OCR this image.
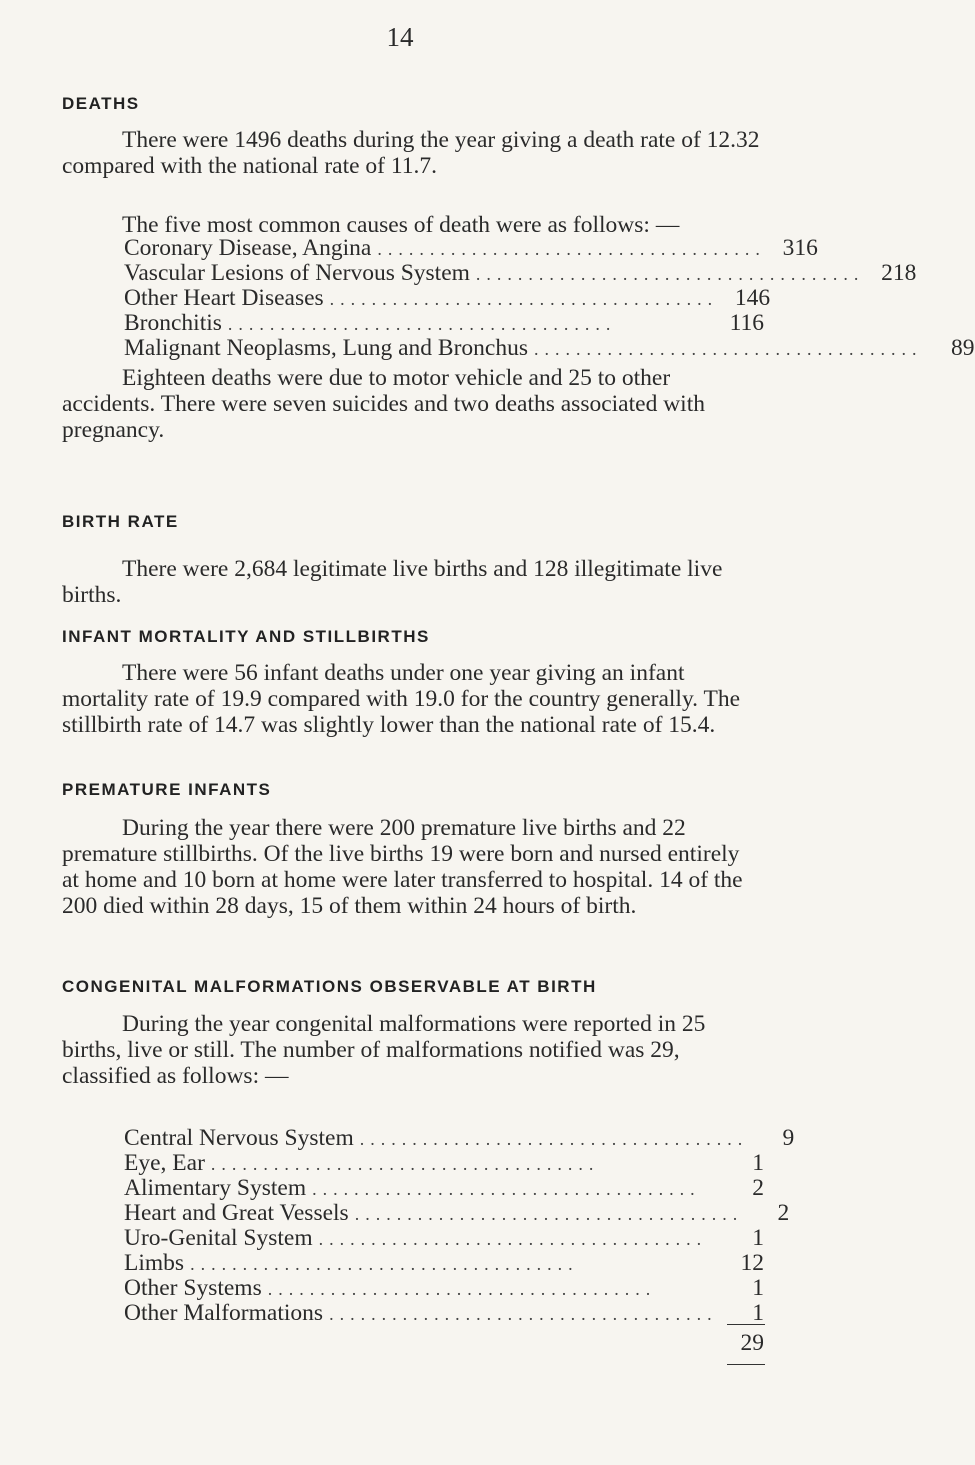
14
DEATHS
There were 1496 deaths during the year giving a death rate of 12.32 compared with the national rate of 11.7.
The five most common causes of death were as follows: —
Coronary Disease, Angina ..................................... 316
Vascular Lesions of Nervous System ..................................... 218
Other Heart Diseases ..................................... 146
Bronchitis .....................................	116
Malignant Neoplasms, Lung and Bronchus .....................................	89
Eighteen deaths were due to motor vehicle and 25 to other accidents. There were seven suicides and two deaths associated with pregnancy.
BIRTH RATE
There were 2,684 legitimate live births and 128 illegitimate live births.
INFANT MORTALITY AND STILLBIRTHS
There were 56 infant deaths under one year giving an infant mortality rate of 19.9 compared with 19.0 for the country generally. The stillbirth rate of 14.7 was slightly lower than the national rate of 15.4.
PREMATURE INFANTS
During the year there were 200 premature live births and 22 premature stillbirths. Of the live births 19 were born and nursed entirely at home and 10 born at home were later transferred to hospital. 14 of the 200 died within 28 days, 15 of them within 24 hours of birth.
CONGENITAL MALFORMATIONS OBSERVABLE AT BIRTH
During the year congenital malformations were reported in 25 births, live or still. The number of malformations notified was 29, classified as follows: —
Central Nervous System .....................................	9
Eye, Ear .....................................	1
Alimentary System .....................................	2
Heart and Great Vessels .....................................	2
Uro-Genital System .....................................	1
Limbs .....................................	12
Other Systems .....................................	1
Other Malformations .....................................	1
29
